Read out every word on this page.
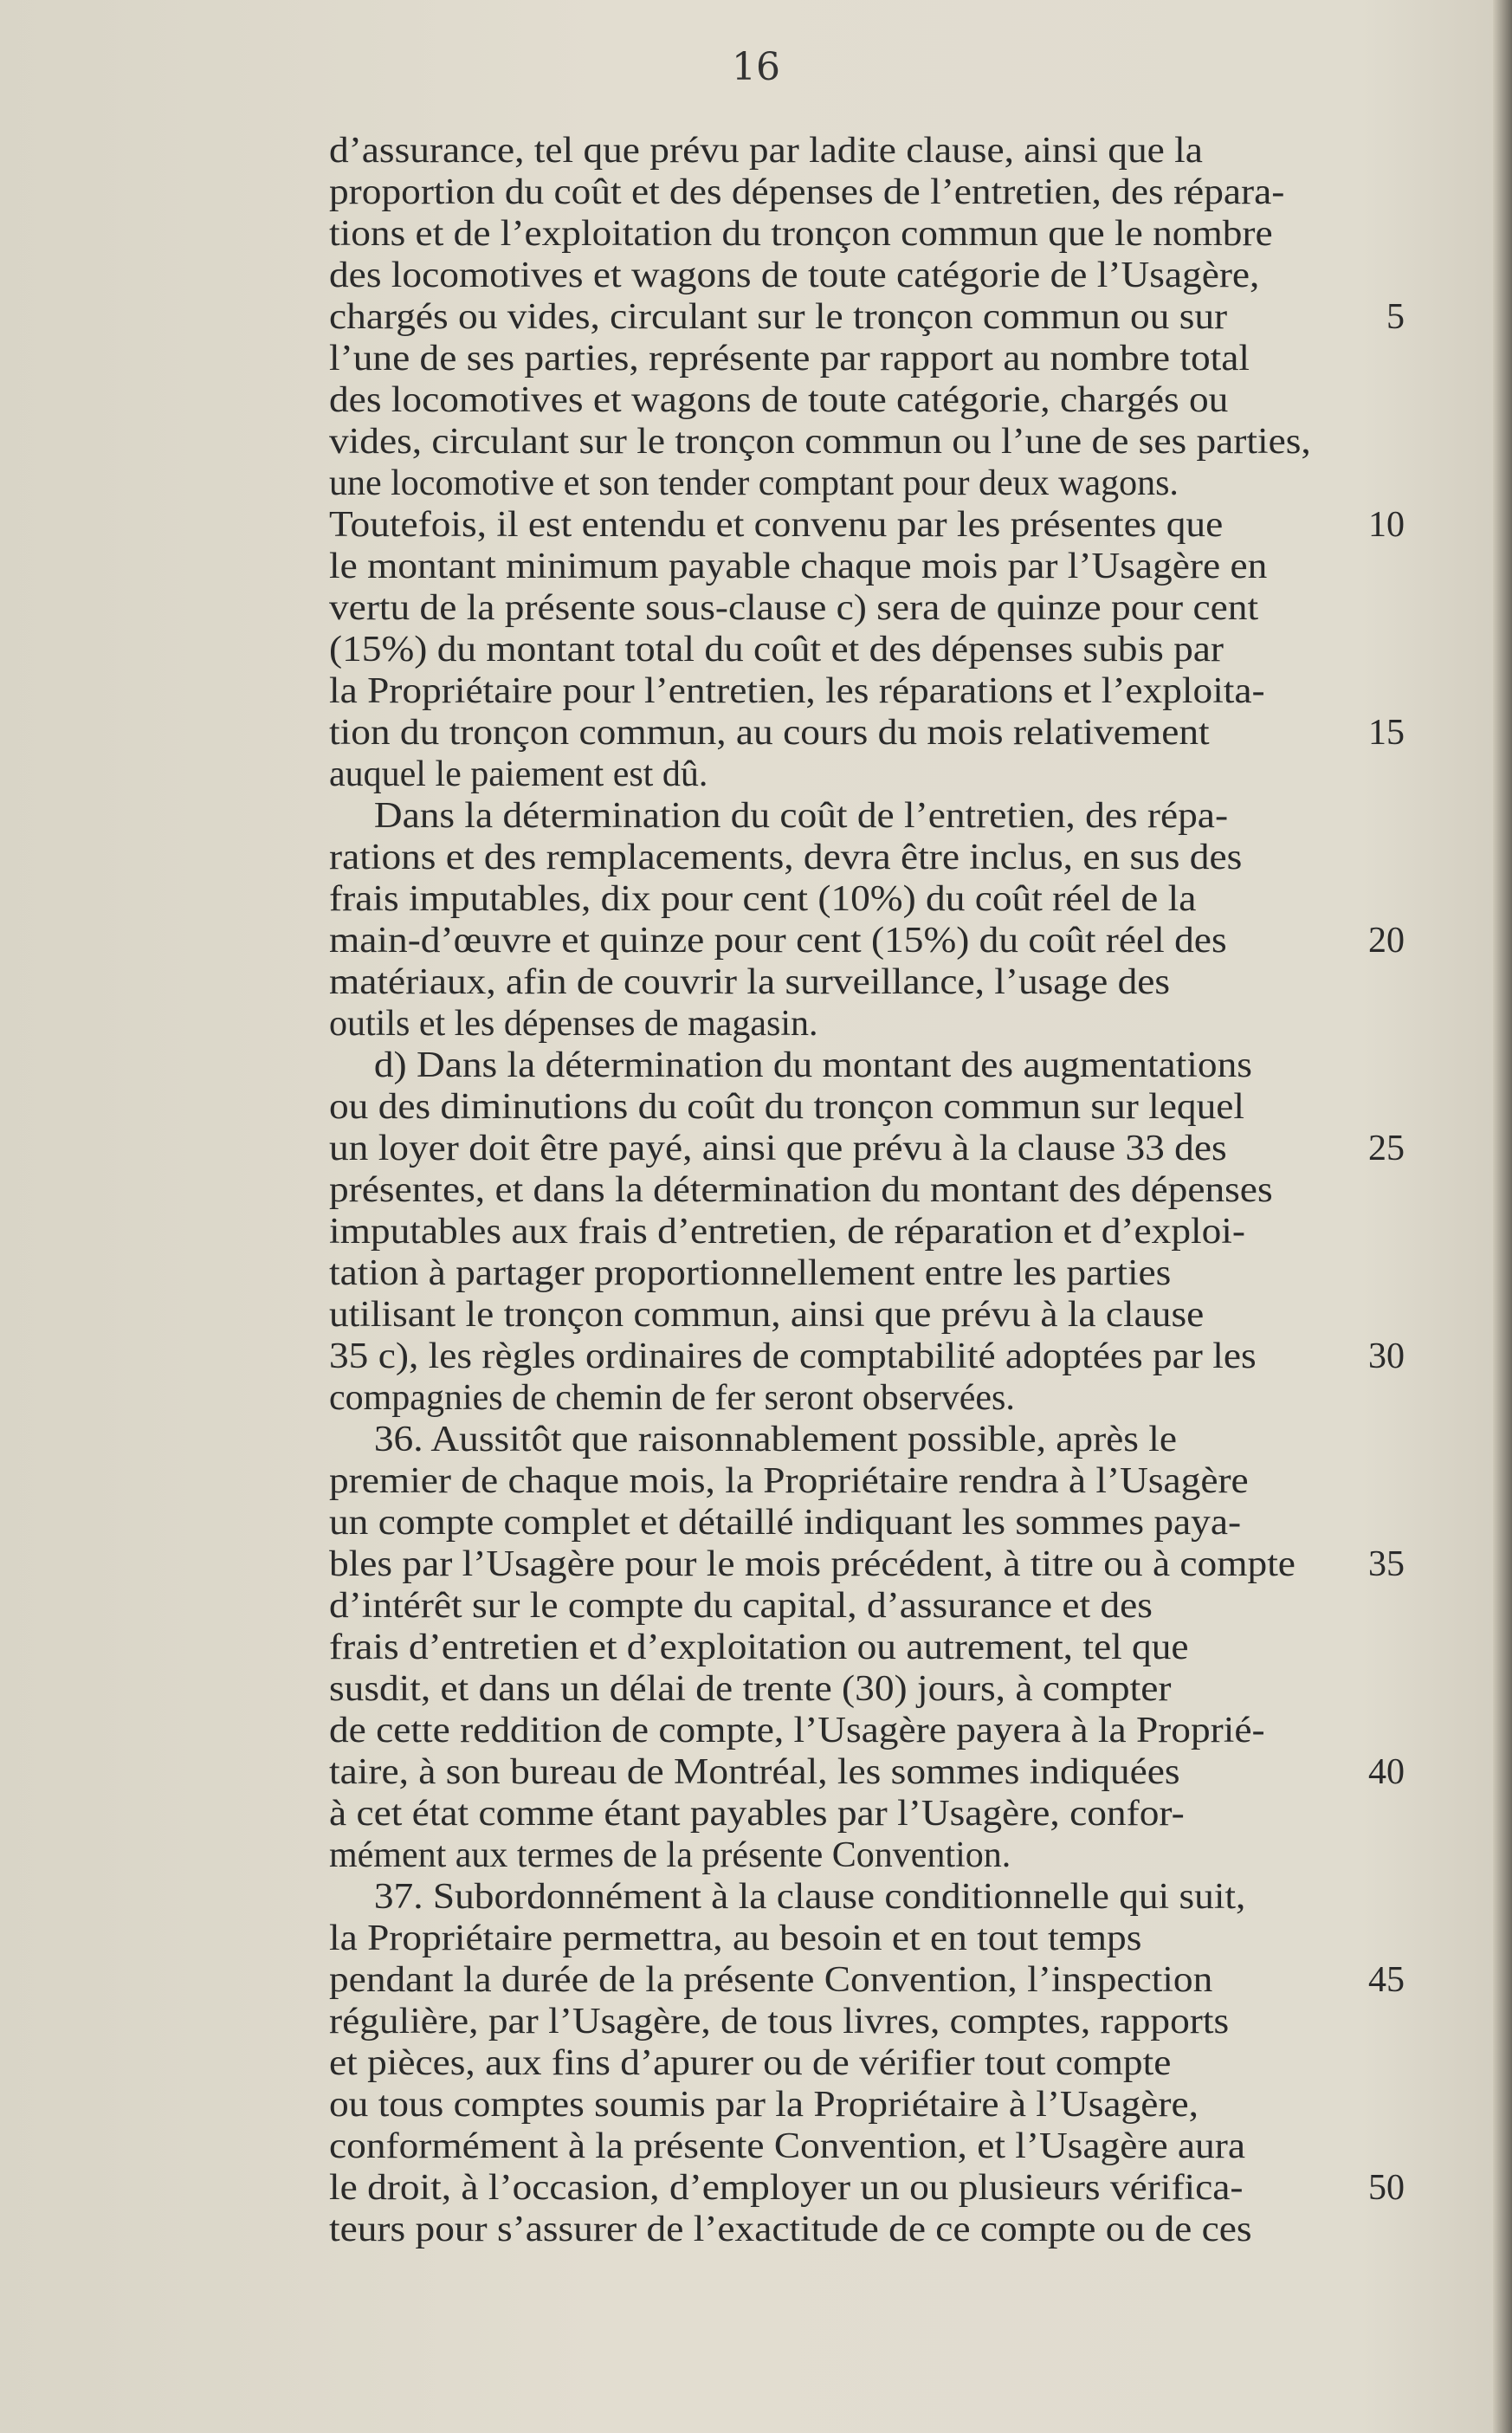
16
d’assurance, tel que prévu par ladite clause, ainsi que la
proportion du coût et des dépenses de l’entretien, des répara-
tions et de l’exploitation du tronçon commun que le nombre
des locomotives et wagons de toute catégorie de l’Usagère,
chargés ou vides, circulant sur le tronçon commun ou sur	5
l’une de ses parties, représente par rapport au nombre total
des locomotives et wagons de toute catégorie, chargés ou
vides, circulant sur le tronçon commun ou l’une de ses parties,
une locomotive et son tender comptant pour deux wagons.
Toutefois, il est entendu et convenu par les présentes que	10
le montant minimum payable chaque mois par l’Usagère en
vertu de la présente sous-clause c) sera de quinze pour cent
(15%) du montant total du coût et des dépenses subis par
la Propriétaire pour l’entretien, les réparations et l’exploita-
tion du tronçon commun, au cours du mois relativement	15
auquel le paiement est dû.
Dans la détermination du coût de l’entretien, des répa-
rations et des remplacements, devra être inclus, en sus des
frais imputables, dix pour cent (10%) du coût réel de la
main-d’œuvre et quinze pour cent (15%) du coût réel des	20
matériaux, afin de couvrir la surveillance, l’usage des
outils et les dépenses de magasin.
d) Dans la détermination du montant des augmentations
ou des diminutions du coût du tronçon commun sur lequel
un loyer doit être payé, ainsi que prévu à la clause 33 des	25
présentes, et dans la détermination du montant des dépenses
imputables aux frais d’entretien, de réparation et d’exploi-
tation à partager proportionnellement entre les parties
utilisant le tronçon commun, ainsi que prévu à la clause
35 c), les règles ordinaires de comptabilité adoptées par les	30
compagnies de chemin de fer seront observées.
36. Aussitôt que raisonnablement possible, après le
premier de chaque mois, la Propriétaire rendra à l’Usagère
un compte complet et détaillé indiquant les sommes paya-
bles par l’Usagère pour le mois précédent, à titre ou à compte 35
d’intérêt sur le compte du capital, d’assurance et des
frais d’entretien et d’exploitation ou autrement, tel que
susdit, et dans un délai de trente (30) jours, à compter
de cette reddition de compte, l’Usagère payera à la Proprié-
taire, à son bureau de Montréal, les sommes indiquées	40
à cet état comme étant payables par l’Usagère, confor-
mément aux termes de la présente Convention.
37. Subordonnément à la clause conditionnelle qui suit,
la Propriétaire permettra, au besoin et en tout temps
pendant la durée de la présente Convention, l’inspection	45
régulière, par l’Usagère, de tous livres, comptes, rapports
et pièces, aux fins d’apurer ou de vérifier tout compte
ou tous comptes soumis par la Propriétaire à l’Usagère,
conformément à la présente Convention, et l’Usagère aura
le droit, à l’occasion, d’employer un ou plusieurs vérifica-	50
teurs pour s’assurer de l’exactitude de ce compte ou de ces
